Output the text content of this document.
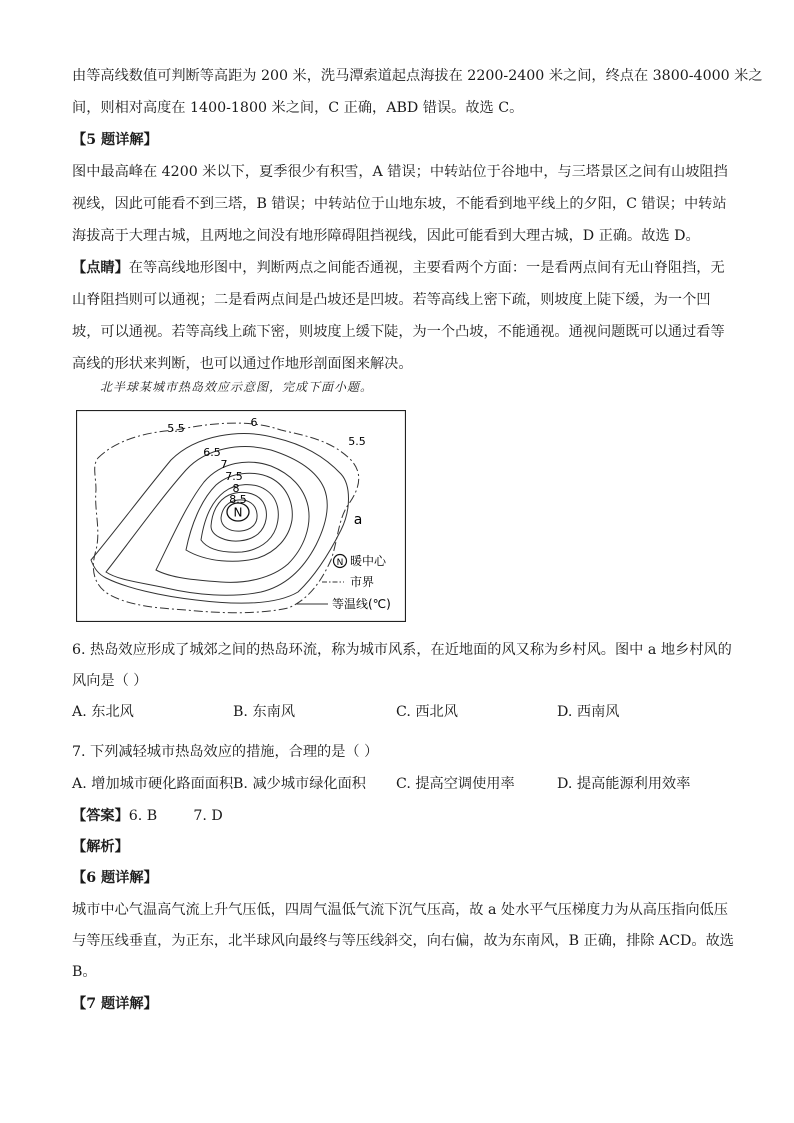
由等高线数值可判断等高距为 200 米，洗马潭索道起点海拔在 2200-2400 米之间，终点在 3800-4000 米之
间，则相对高度在 1400-1800 米之间，C 正确，ABD 错误。故选 C。
【5 题详解】
图中最高峰在 4200 米以下，夏季很少有积雪，A 错误；中转站位于谷地中，与三塔景区之间有山坡阻挡
视线，因此可能看不到三塔，B 错误；中转站位于山地东坡，不能看到地平线上的夕阳，C 错误；中转站
海拔高于大理古城，且两地之间没有地形障碍阻挡视线，因此可能看到大理古城，D 正确。故选 D。
【点睛】在等高线地形图中，判断两点之间能否通视，主要看两个方面：一是看两点间有无山脊阻挡，无
山脊阻挡则可以通视；二是看两点间是凸坡还是凹坡。若等高线上密下疏，则坡度上陡下缓，为一个凹
坡，可以通视。若等高线上疏下密，则坡度上缓下陡，为一个凸坡，不能通视。通视问题既可以通过看等
高线的形状来判断，也可以通过作地形剖面图来解决。
北半球某城市热岛效应示意图，完成下面小题。
N
5.5	6
6.5
7
7.5
8
8.5
5.5
a
N 暖中心
市界
等温线(℃)
6. 热岛效应形成了城郊之间的热岛环流，称为城市风系，在近地面的风又称为乡村风。图中 a 地乡村风的
风向是（ ）
A. 东北风	B. 东南风	C. 西北风	D. 西南风
7. 下列减轻城市热岛效应的措施，合理的是（ ）
A. 增加城市硬化路面面积 B. 减少城市绿化面积 C. 提高空调使用率	D. 提高能源利用效率
【答案】6. B        7. D
【解析】
【6 题详解】
城市中心气温高气流上升气压低，四周气温低气流下沉气压高，故 a 处水平气压梯度力为从高压指向低压
与等压线垂直，为正东，北半球风向最终与等压线斜交，向右偏，故为东南风，B 正确，排除 ACD。故选
B。
【7 题详解】
